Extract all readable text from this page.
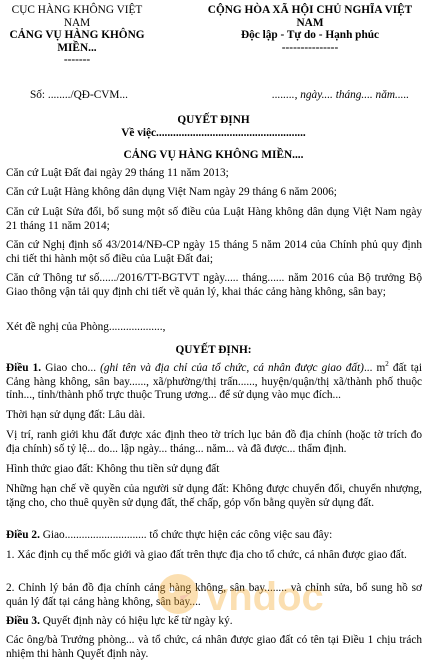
CỤC HÀNG KHÔNG VIỆT NAM
CẢNG VỤ HÀNG KHÔNG MIỀN...
-------
CỘNG HÒA XÃ HỘI CHỦ NGHĨA VIỆT NAM
Độc lập - Tự do - Hạnh phúc
---------------
Số: ......../QĐ-CVM...	........, ngày.... tháng.... năm.....
QUYẾT ĐỊNH
Về việc.....................................................
CẢNG VỤ HÀNG KHÔNG MIỀN....
Căn cứ Luật Đất đai ngày 29 tháng 11 năm 2013;
Căn cứ Luật Hàng không dân dụng Việt Nam ngày 29 tháng 6 năm 2006;
Căn cứ Luật Sửa đổi, bổ sung một số điều của Luật Hàng không dân dụng Việt Nam ngày 21 tháng 11 năm 2014;
Căn cứ Nghị định số 43/2014/NĐ-CP ngày 15 tháng 5 năm 2014 của Chính phủ quy định chi tiết thi hành một số điều của Luật Đất đai;
Căn cứ Thông tư số....../2016/TT-BGTVT ngày..... tháng...... năm 2016 của Bộ trưởng Bộ Giao thông vận tải quy định chi tiết về quản lý, khai thác cảng hàng không, sân bay;
Xét đề nghị của Phòng...................,
QUYẾT ĐỊNH:
Điều 1. Giao cho... (ghi tên và địa chỉ của tổ chức, cá nhân được giao đất)... $m^2$ đất tại Cảng hàng không, sân bay......, xã/phường/thị trấn......, huyện/quận/thị xã/thành phố thuộc tỉnh..., tỉnh/thành phố trực thuộc Trung ương... để sử dụng vào mục đích...
Thời hạn sử dụng đất: Lâu dài.
Vị trí, ranh giới khu đất được xác định theo tờ trích lục bản đồ địa chính (hoặc tờ trích đo địa chính) số tỷ lệ... do... lập ngày... tháng... năm... và đã được... thẩm định.
Hình thức giao đất: Không thu tiền sử dụng đất
Những hạn chế về quyền của người sử dụng đất: Không được chuyển đổi, chuyển nhượng, tặng cho, cho thuê quyền sử dụng đất, thế chấp, góp vốn bằng quyền sử dụng đất.
Điều 2. Giao............................. tổ chức thực hiện các công việc sau đây:
1. Xác định cụ thể mốc giới và giao đất trên thực địa cho tổ chức, cá nhân được giao đất.
2. Chỉnh lý bản đồ địa chính cảng hàng không, sân bay........ và chỉnh sửa, bổ sung hồ sơ quản lý đất tại cảng hàng không, sân bay....
Điều 3. Quyết định này có hiệu lực kể từ ngày ký.
Các ông/bà Trưởng phòng... và tổ chức, cá nhân được giao đất có tên tại Điều 1 chịu trách nhiệm thi hành Quyết định này.
vndoc
